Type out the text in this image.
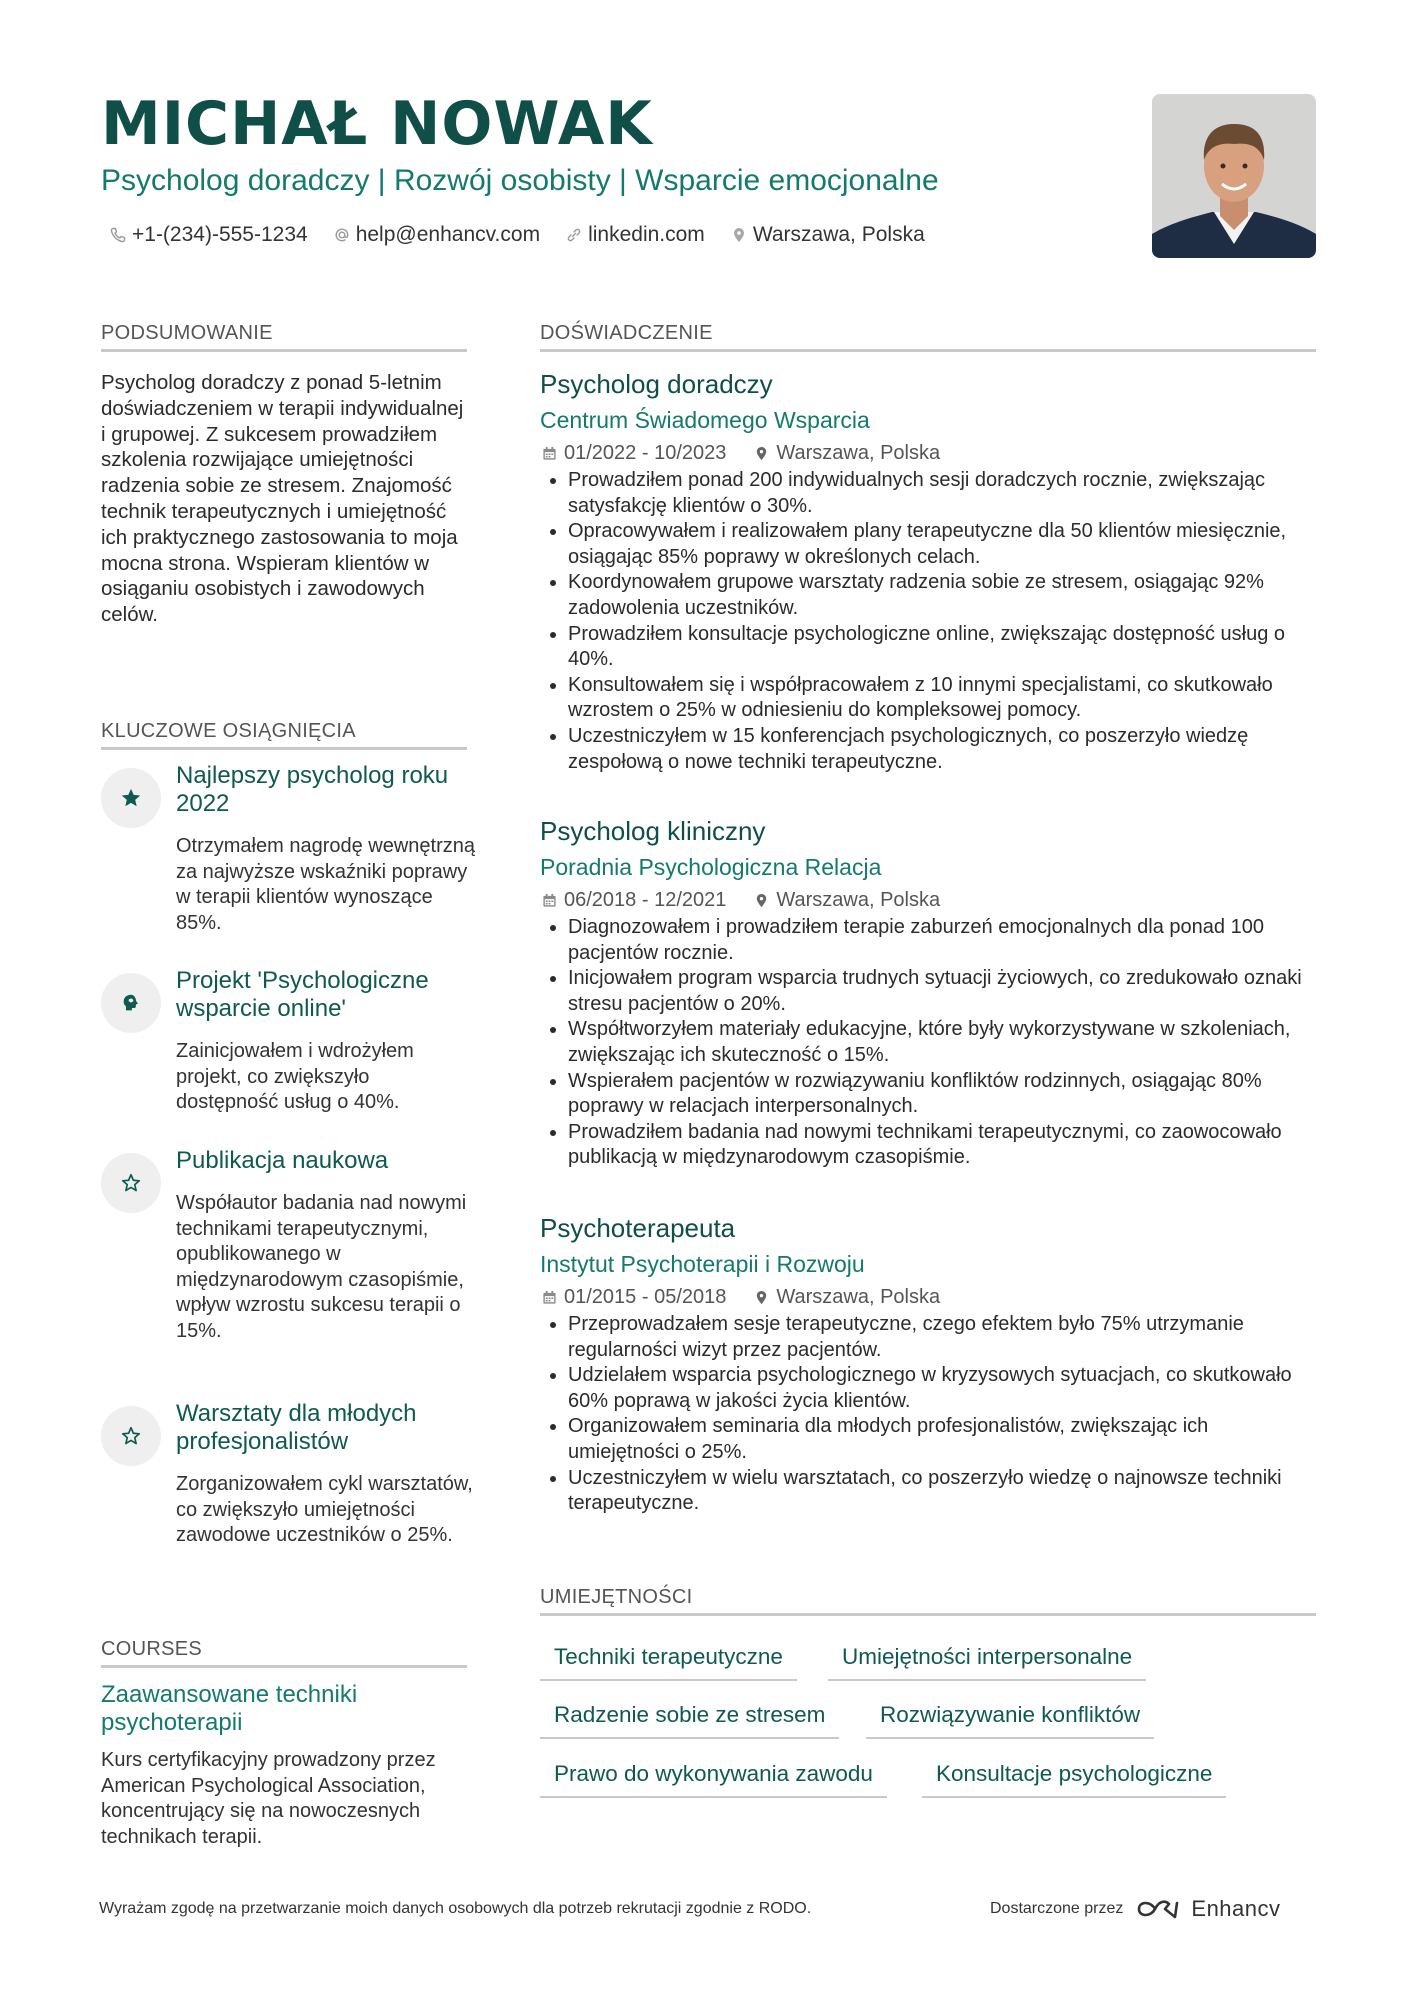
MICHAŁ NOWAK
Psycholog doradczy | Rozwój osobisty | Wsparcie emocjonalne
+1-(234)-555-1234 help@enhancv.com linkedin.com Warszawa, Polska
PODSUMOWANIE
Psycholog doradczy z ponad 5-letnim doświadczeniem w terapii indywidualnej i grupowej. Z sukcesem prowadziłem szkolenia rozwijające umiejętności radzenia sobie ze stresem. Znajomość technik terapeutycznych i umiejętność ich praktycznego zastosowania to moja mocna strona. Wspieram klientów w osiąganiu osobistych i zawodowych celów.
KLUCZOWE OSIĄGNIĘCIA
Najlepszy psycholog roku 2022
Otrzymałem nagrodę wewnętrzną za najwyższe wskaźniki poprawy w terapii klientów wynoszące 85%.
Projekt 'Psychologiczne wsparcie online'
Zainicjowałem i wdrożyłem projekt, co zwiększyło dostępność usług o 40%.
Publikacja naukowa
Współautor badania nad nowymi technikami terapeutycznymi, opublikowanego w międzynarodowym czasopiśmie, wpływ wzrostu sukcesu terapii o 15%.
Warsztaty dla młodych profesjonalistów
Zorganizowałem cykl warsztatów, co zwiększyło umiejętności zawodowe uczestników o 25%.
COURSES
Zaawansowane techniki psychoterapii
Kurs certyfikacyjny prowadzony przez American Psychological Association, koncentrujący się na nowoczesnych technikach terapii.
DOŚWIADCZENIE
Psycholog doradczy
Centrum Świadomego Wsparcia
01/2022 - 10/2023	Warszawa, Polska
• Prowadziłem ponad 200 indywidualnych sesji doradczych rocznie, zwiększając satysfakcję klientów o 30%.
• Opracowywałem i realizowałem plany terapeutyczne dla 50 klientów miesięcznie, osiągając 85% poprawy w określonych celach.
• Koordynowałem grupowe warsztaty radzenia sobie ze stresem, osiągając 92% zadowolenia uczestników.
• Prowadziłem konsultacje psychologiczne online, zwiększając dostępność usług o 40%.
• Konsultowałem się i współpracowałem z 10 innymi specjalistami, co skutkowało wzrostem o 25% w odniesieniu do kompleksowej pomocy.
• Uczestniczyłem w 15 konferencjach psychologicznych, co poszerzyło wiedzę zespołową o nowe techniki terapeutyczne.
Psycholog kliniczny
Poradnia Psychologiczna Relacja
06/2018 - 12/2021	Warszawa, Polska
• Diagnozowałem i prowadziłem terapie zaburzeń emocjonalnych dla ponad 100 pacjentów rocznie.
• Inicjowałem program wsparcia trudnych sytuacji życiowych, co zredukowało oznaki stresu pacjentów o 20%.
• Współtworzyłem materiały edukacyjne, które były wykorzystywane w szkoleniach, zwiększając ich skuteczność o 15%.
• Wspierałem pacjentów w rozwiązywaniu konfliktów rodzinnych, osiągając 80% poprawy w relacjach interpersonalnych.
• Prowadziłem badania nad nowymi technikami terapeutycznymi, co zaowocowało publikacją w międzynarodowym czasopiśmie.
Psychoterapeuta
Instytut Psychoterapii i Rozwoju
01/2015 - 05/2018	Warszawa, Polska
• Przeprowadzałem sesje terapeutyczne, czego efektem było 75% utrzymanie regularności wizyt przez pacjentów.
• Udzielałem wsparcia psychologicznego w kryzysowych sytuacjach, co skutkowało 60% poprawą w jakości życia klientów.
• Organizowałem seminaria dla młodych profesjonalistów, zwiększając ich umiejętności o 25%.
• Uczestniczyłem w wielu warsztatach, co poszerzyło wiedzę o najnowsze techniki terapeutyczne.
UMIEJĘTNOŚCI
Techniki terapeutyczne	Umiejętności interpersonalne
Radzenie sobie ze stresem	Rozwiązywanie konfliktów
Prawo do wykonywania zawodu	Konsultacje psychologiczne
Wyrażam zgodę na przetwarzanie moich danych osobowych dla potrzeb rekrutacji zgodnie z RODO.	Dostarczone przez	Enhancv
